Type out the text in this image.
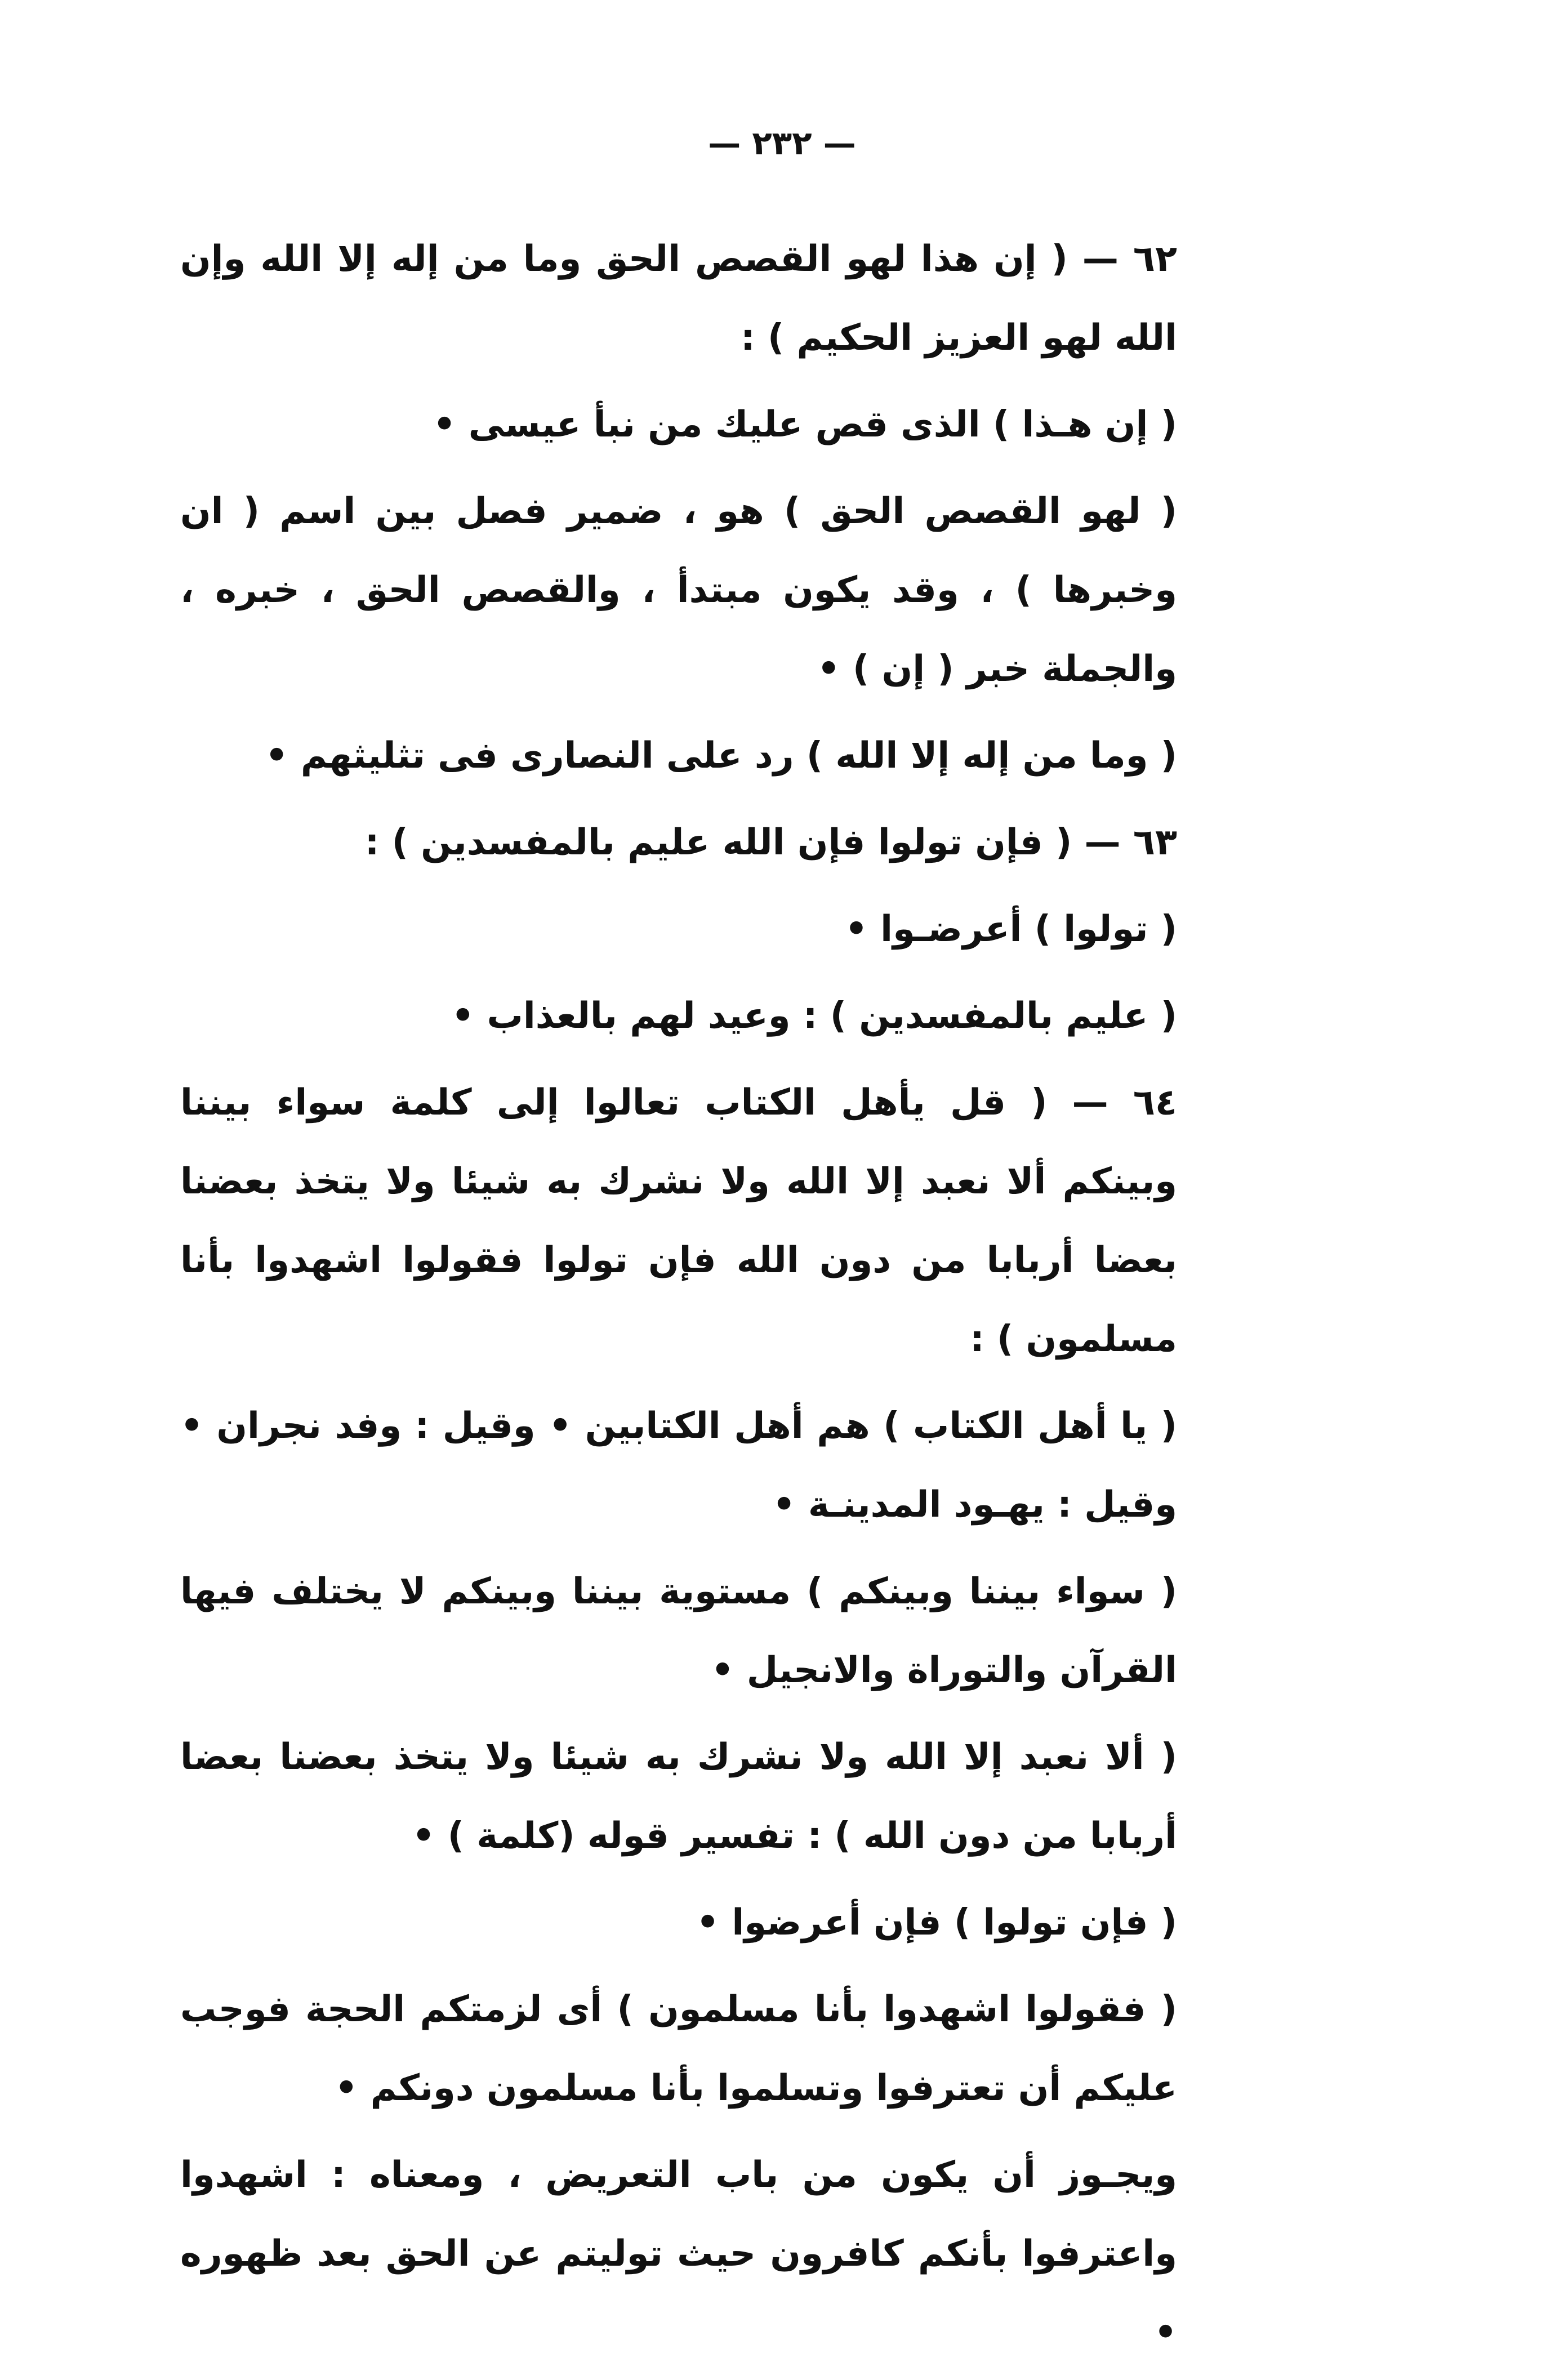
— ٢٣٢ —

٦٢ — ( إن هذا لهو القصص الحق وما من إله إلا الله وإن الله لهو العزيز الحكيم ) :

( إن هـذا ) الذى قص عليك من نبأ عيسى •

( لهو القصص الحق ) هو ، ضمير فصل بين اسم ( ان وخبرها ) ، وقد يكون مبتدأ ، والقصص الحق ، خبره ، والجملة خبر ( إن ) •

( وما من إله إلا الله ) رد على النصارى فى تثليثهم •

٦٣ — ( فإن تولوا فإن الله عليم بالمفسدين ) :

( تولوا ) أعرضـوا •

( عليم بالمفسدين ) : وعيد لهم بالعذاب •

٦٤ — ( قل يأهل الكتاب تعالوا إلى كلمة سواء بيننا وبينكم ألا نعبد إلا الله ولا نشرك به شيئا ولا يتخذ بعضنا بعضا أربابا من دون الله فإن تولوا فقولوا اشهدوا بأنا مسلمون ) :

( يا أهل الكتاب ) هم أهل الكتابين • وقيل : وفد نجران • وقيل : يهـود المدينـة •

( سواء بيننا وبينكم ) مستوية بيننا وبينكم لا يختلف فيها القرآن والتوراة والانجيل •

( ألا نعبد إلا الله ولا نشرك به شيئا ولا يتخذ بعضنا بعضا أربابا من دون الله ) : تفسير قوله (كلمة ) •

( فإن تولوا ) فإن أعرضوا •

( فقولوا اشهدوا بأنا مسلمون ) أى لزمتكم الحجة فوجب عليكم أن تعترفوا وتسلموا بأنا مسلمون دونكم •

ويجـوز أن يكون من باب التعريض ، ومعناه : اشهدوا واعترفوا بأنكم كافرون حيث توليتم عن الحق بعد ظهوره •
